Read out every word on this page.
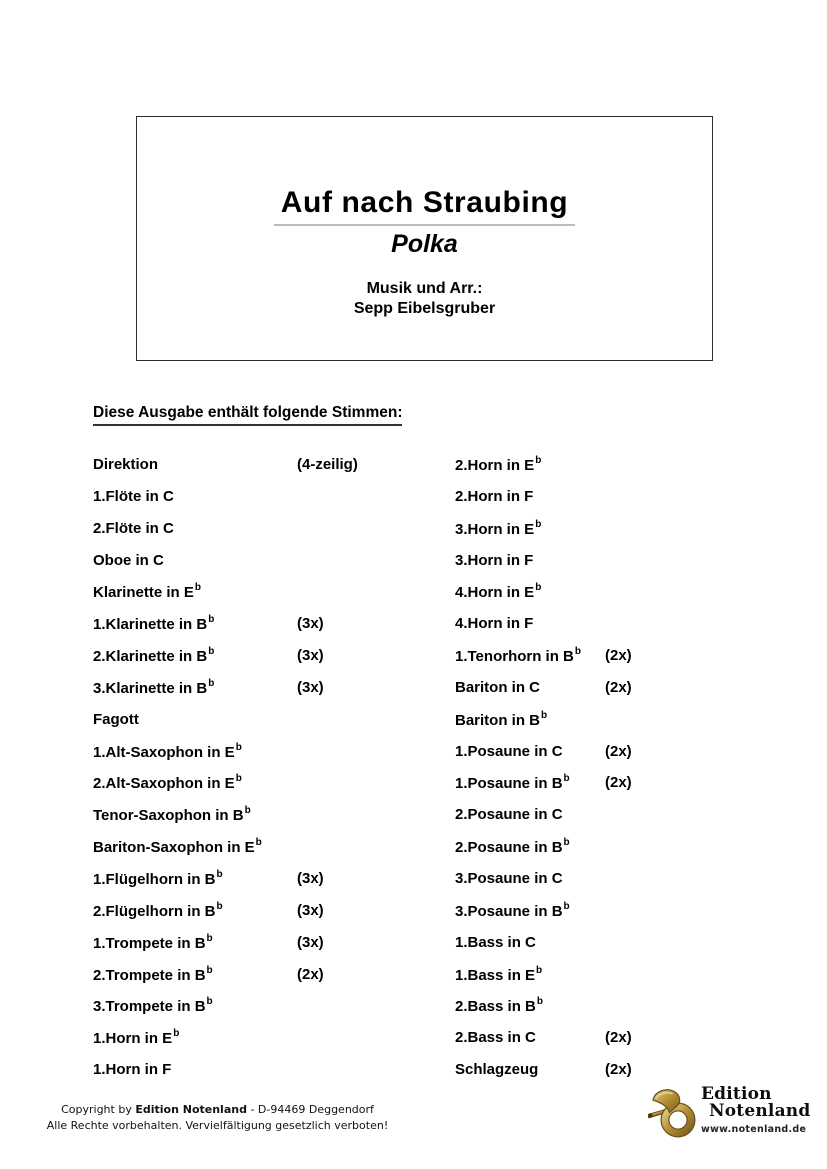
Auf nach Straubing
Polka
Musik und Arr.:
Sepp Eibelsgruber
Diese Ausgabe enthält folgende Stimmen:
Direktion	(4-zeilig)
1.Flöte in C
2.Flöte in C
Oboe in C
Klarinette in $E^b$
1.Klarinette in $B^b$	(3x)
2.Klarinette in $B^b$	(3x)
3.Klarinette in $B^b$	(3x)
Fagott
1.Alt-Saxophon in $E^b$
2.Alt-Saxophon in $E^b$
Tenor-Saxophon in $B^b$
Bariton-Saxophon in $E^b$
1.Flügelhorn in $B^b$	(3x)
2.Flügelhorn in $B^b$	(3x)
1.Trompete in $B^b$	(3x)
2.Trompete in $B^b$	(2x)
3.Trompete in $B^b$
1.Horn in $E^b$
1.Horn in F
2.Horn in $E^b$
2.Horn in F
3.Horn in $E^b$
3.Horn in F
4.Horn in $E^b$
4.Horn in F
1.Tenorhorn in $B^b$ (2x)
Bariton in C	(2x)
Bariton in $B^b$
1.Posaune in C	(2x)
1.Posaune in $B^b$ (2x)
2.Posaune in C
2.Posaune in $B^b$
3.Posaune in C
3.Posaune in $B^b$
1.Bass in C
1.Bass in $E^b$
2.Bass in $B^b$
2.Bass in C	(2x)
Schlagzeug	(2x)
Copyright by Edition Notenland - D-94469 Deggendorf
Alle Rechte vorbehalten. Vervielfältigung gesetzlich verboten!
Edition
Notenland
www.notenland.de
